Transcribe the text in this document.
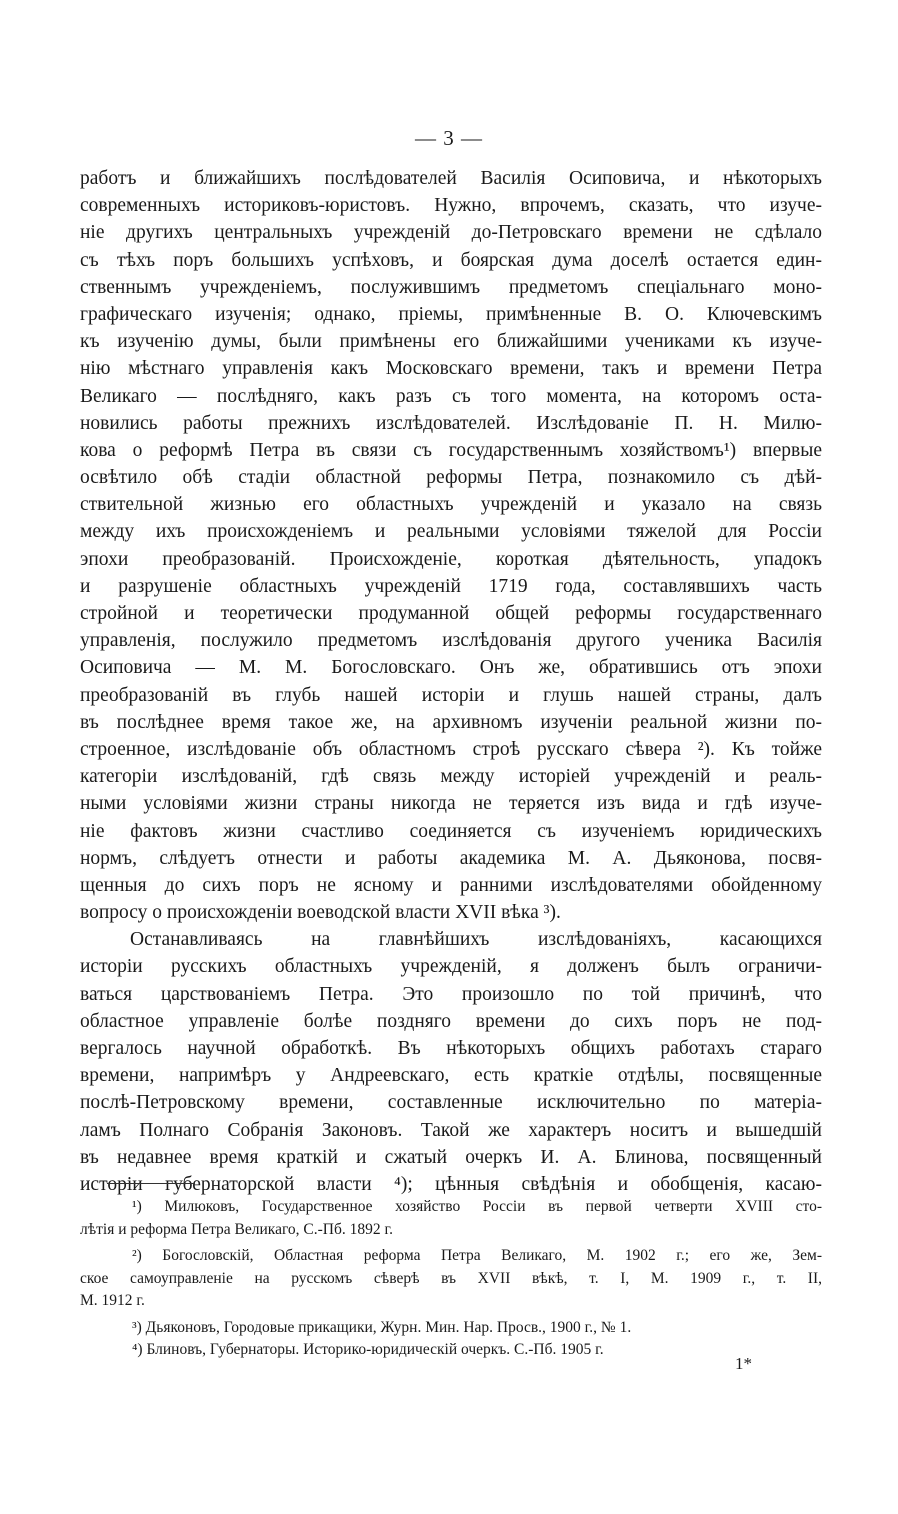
— 3 —
работъ и ближайшихъ послѣдователей Василія Осиповича, и нѣкоторыхъ
современныхъ историковъ-юристовъ. Нужно, впрочемъ, сказать, что изуче-
ніе другихъ центральныхъ учрежденій до-Петровскаго времени не сдѣлало
съ тѣхъ поръ большихъ успѣховъ, и боярская дума доселѣ остается един-
ственнымъ учрежденіемъ, послужившимъ предметомъ спеціальнаго моно-
графическаго изученія; однако, пріемы, примѣненные В. О. Ключевскимъ
къ изученію думы, были примѣнены его ближайшими учениками къ изуче-
нію мѣстнаго управленія какъ Московскаго времени, такъ и времени Петра
Великаго — послѣдняго, какъ разъ съ того момента, на которомъ оста-
новились работы прежнихъ изслѣдователей. Изслѣдованіе П. Н. Милю-
кова о реформѣ Петра въ связи съ государственнымъ хозяйствомъ¹) впервые
освѣтило обѣ стадіи областной реформы Петра, познакомило съ дѣй-
ствительной жизнью его областныхъ учрежденій и указало на связь
между ихъ происхожденіемъ и реальными условіями тяжелой для Россіи
эпохи преобразованій. Происхожденіе, короткая дѣятельность, упадокъ
и разрушеніе областныхъ учрежденій 1719 года, составлявшихъ часть
стройной и теоретически продуманной общей реформы государственнаго
управленія, послужило предметомъ изслѣдованія другого ученика Василія
Осиповича — М. М. Богословскаго. Онъ же, обратившись отъ эпохи
преобразованій въ глубь нашей исторіи и глушь нашей страны, далъ
въ послѣднее время такое же, на архивномъ изученіи реальной жизни по-
строенное, изслѣдованіе объ областномъ строѣ русскаго сѣвера ²). Къ тойже
категоріи изслѣдованій, гдѣ связь между исторіей учрежденій и реаль-
ными условіями жизни страны никогда не теряется изъ вида и гдѣ изуче-
ніе фактовъ жизни счастливо соединяется съ изученіемъ юридическихъ
нормъ, слѣдуетъ отнести и работы академика М. А. Дьяконова, посвя-
щенныя до сихъ поръ не ясному и ранними изслѣдователями обойденному
вопросу о происхожденіи воеводской власти XVII вѣка ³).
Останавливаясь на главнѣйшихъ изслѣдованіяхъ, касающихся
исторіи русскихъ областныхъ учрежденій, я долженъ былъ ограничи-
ваться царствованіемъ Петра. Это произошло по той причинѣ, что
областное управленіе болѣе поздняго времени до сихъ поръ не под-
вергалось научной обработкѣ. Въ нѣкоторыхъ общихъ работахъ стараго
времени, напримѣръ у Андреевскаго, есть краткіе отдѣлы, посвященные
послѣ-Петровскому времени, составленные исключительно по матеріа-
ламъ Полнаго Собранія Законовъ. Такой же характеръ носитъ и вышедшій
въ недавнее время краткій и сжатый очеркъ И. А. Блинова, посвященный
исторіи губернаторской власти ⁴); цѣнныя свѣдѣнія и обобщенія, касаю-
¹) Милюковъ, Государственное хозяйство Россіи въ первой четверти XVIII сто-
лѣтія и реформа Петра Великаго, С.-Пб. 1892 г.
²) Богословскій, Областная реформа Петра Великаго, М. 1902 г.; его же, Зем-
ское самоуправленіе на русскомъ сѣверѣ въ XVII вѣкѣ, т. I, М. 1909 г., т. II,
М. 1912 г.
³) Дьяконовъ, Городовые прикащики, Журн. Мин. Нар. Просв., 1900 г., № 1.
⁴) Блиновъ, Губернаторы. Историко-юридическій очеркъ. С.-Пб. 1905 г.
1*
